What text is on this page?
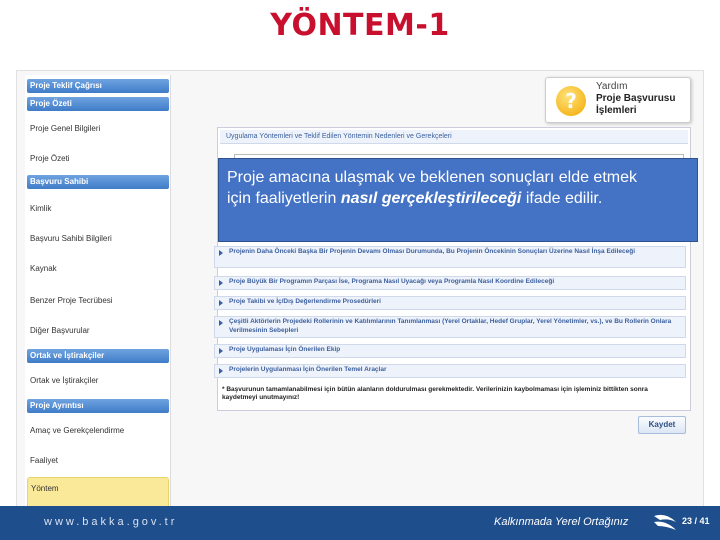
YÖNTEM-1
Proje Teklif Çağrısı
Proje Özeti
Proje Genel Bilgileri
Proje Özeti
Başvuru Sahibi
Kimlik
Başvuru Sahibi Bilgileri
Kaynak
Benzer Proje Tecrübesi
Diğer Başvurular
Ortak ve İştirakçiler
Ortak ve İştirakçiler
Proje Ayrıntısı
Amaç ve Gerekçelendirme
Faaliyet
Yöntem
?
Yardım
Proje Başvurusu İşlemleri
Uygulama Yöntemleri ve Teklif Edilen Yöntemin Nedenleri ve Gerekçeleri
Proje amacına ulaşmak ve beklenen sonuçları elde etmek
için faaliyetlerin nasıl gerçekleştirileceği ifade edilir.
Projenin Daha Önceki Başka Bir Projenin Devamı Olması Durumunda, Bu Projenin Öncekinin Sonuçları Üzerine Nasıl İnşa Edileceği
Proje Büyük Bir Programın Parçası İse, Programa Nasıl Uyacağı veya Programla Nasıl Koordine Edileceği
Proje Takibi ve İç/Dış Değerlendirme Prosedürleri
Çeşitli Aktörlerin Projedeki Rollerinin ve Katılımlarının Tanımlanması (Yerel Ortaklar, Hedef Gruplar, Yerel Yönetimler, vs.), ve Bu Rollerin Onlara Verilmesinin Sebepleri
Proje Uygulaması İçin Önerilen Ekip
Projelerin Uygulanması İçin Önerilen Temel Araçlar
* Başvurunun tamamlanabilmesi için bütün alanların doldurulması gerekmektedir. Verilerinizin kaybolmaması için işleminiz bittikten sonra kaydetmeyi unutmayınız!
Kaydet
www.bakka.gov.tr	Kalkınmada Yerel Ortağınız	23 / 41
